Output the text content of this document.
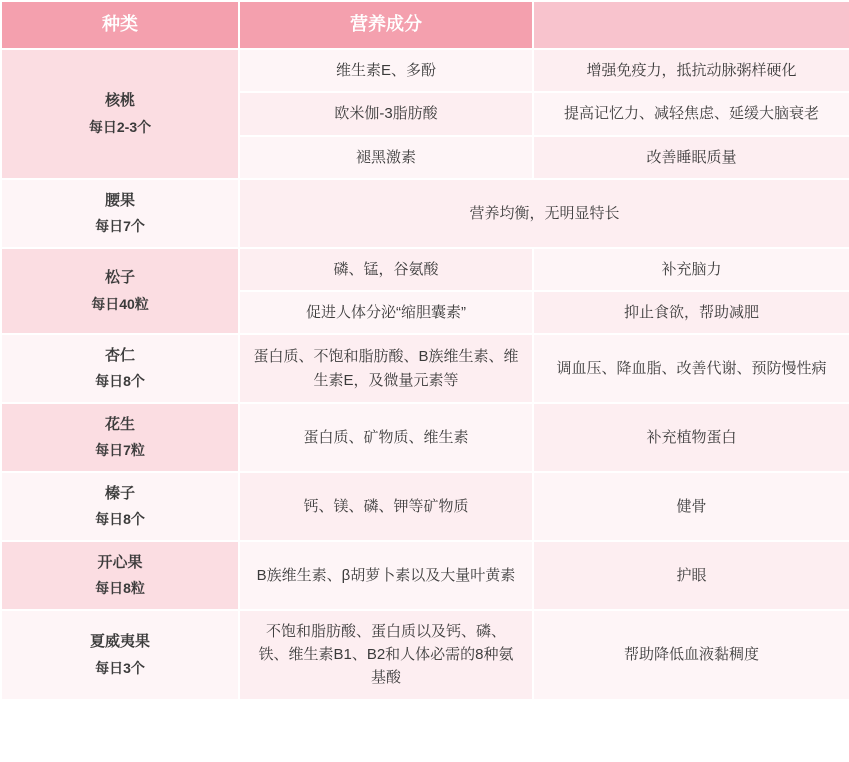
种类	营养成分	
核桃
每日2-3个	维生素E、多酚	增强免疫力，抵抗动脉粥样硬化
	欧米伽-3脂肪酸	提高记忆力、减轻焦虑、延缓大脑衰老
	褪黑激素	改善睡眠质量
腰果
每日7个	营养均衡，无明显特长	
松子
每日40粒	磷、锰，谷氨酸	补充脑力
	促进人体分泌“缩胆囊素”	抑止食欲，帮助减肥
杏仁
每日8个	蛋白质、不饱和脂肪酸、B族维生素、维生素E，及微量元素等	调血压、降血脂、改善代谢、预防慢性病
花生
每日7粒	蛋白质、矿物质、维生素	补充植物蛋白
榛子
每日8个	钙、镁、磷、钾等矿物质	健骨
开心果
每日8粒	B族维生素、β胡萝卜素以及大量叶黄素	护眼
夏威夷果
每日3个	不饱和脂肪酸、蛋白质以及钙、磷、铁、维生素B1、B2和人体必需的8种氨基酸	帮助降低血液黏稠度
